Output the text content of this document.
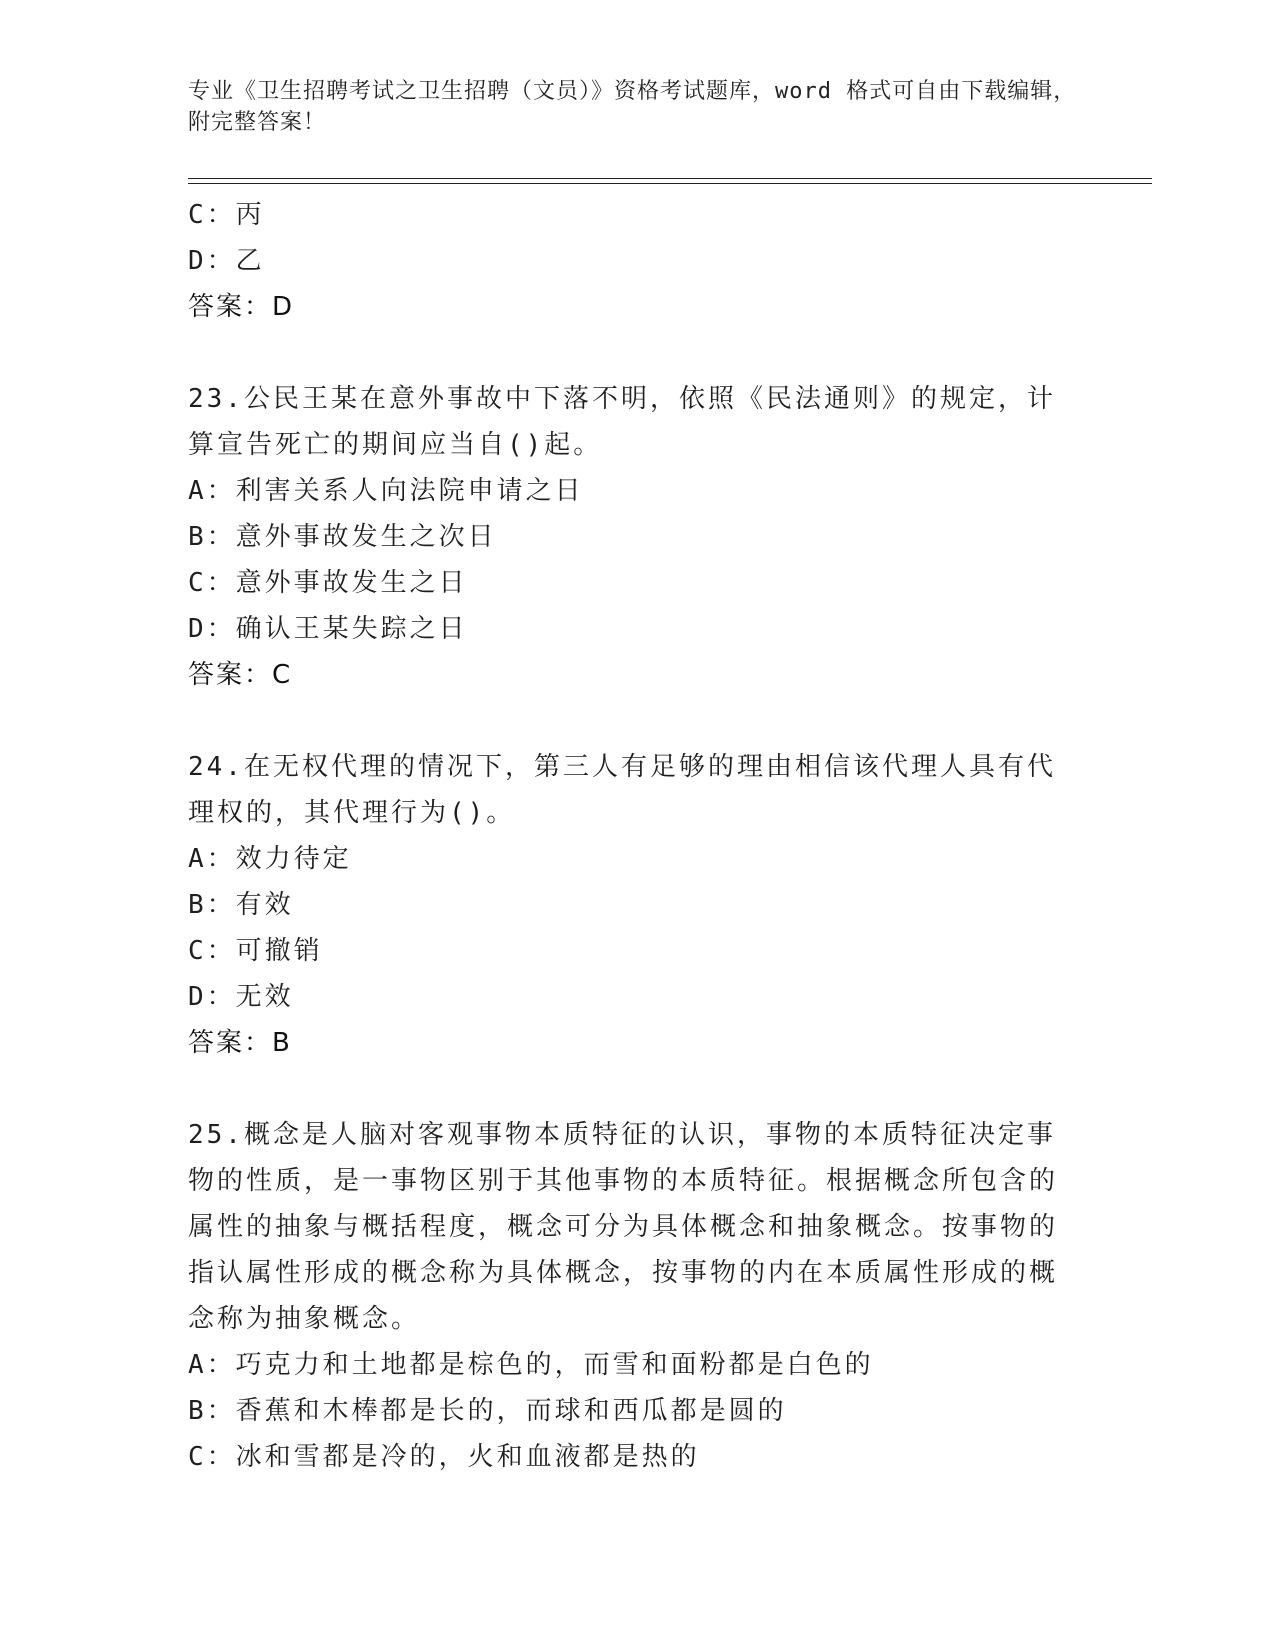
专业《卫生招聘考试之卫生招聘（文员）》资格考试题库，word 格式可自由下载编辑，附完整答案！
C：丙
D：乙
答案：D
23.公民王某在意外事故中下落不明，依照《民法通则》的规定，计算宣告死亡的期间应当自()起。
A：利害关系人向法院申请之日
B：意外事故发生之次日
C：意外事故发生之日
D：确认王某失踪之日
答案：C
24.在无权代理的情况下，第三人有足够的理由相信该代理人具有代理权的，其代理行为()。
A：效力待定
B：有效
C：可撤销
D：无效
答案：B
25.概念是人脑对客观事物本质特征的认识，事物的本质特征决定事物的性质，是一事物区别于其他事物的本质特征。根据概念所包含的属性的抽象与概括程度，概念可分为具体概念和抽象概念。按事物的指认属性形成的概念称为具体概念，按事物的内在本质属性形成的概念称为抽象概念。
A：巧克力和土地都是棕色的，而雪和面粉都是白色的
B：香蕉和木棒都是长的，而球和西瓜都是圆的
C：冰和雪都是冷的，火和血液都是热的
